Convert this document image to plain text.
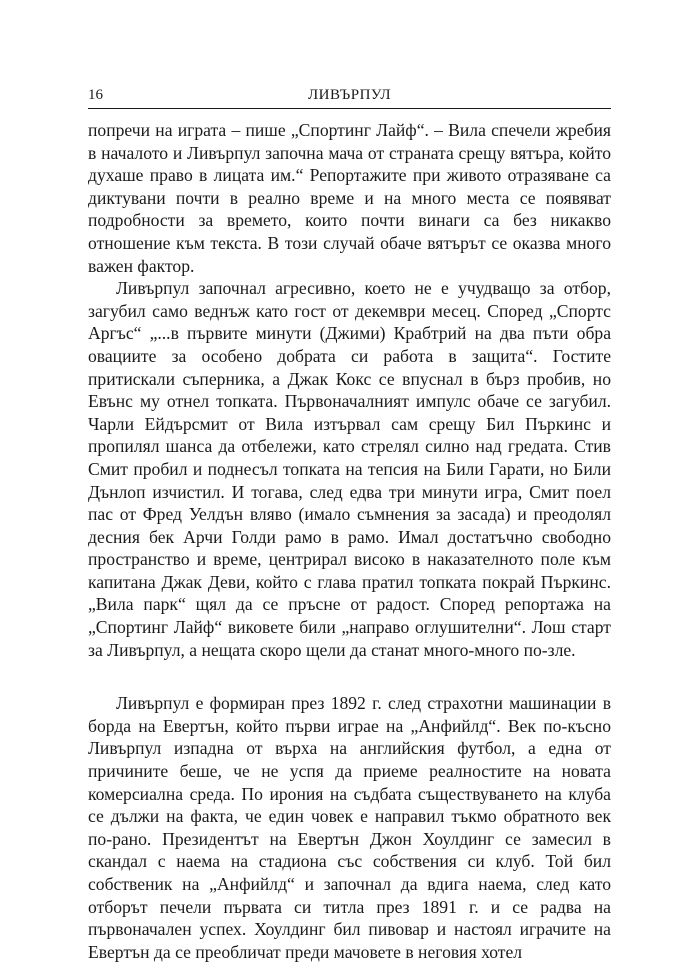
16	ЛИВЪРПУЛ

попречи на играта – пише „Спортинг Лайф“. – Вила спечели жребия в началото и Ливърпул започна мача от страната срещу вятъра, който духаше право в лицата им.“ Репортажите при живото отразяване са диктувани почти в реално време и на много места се появяват подробности за времето, които почти винаги са без никакво отношение към текста. В този случай обаче вятърът се оказва много важен фактор.

Ливърпул започнал агресивно, което не е учудващо за отбор, загубил само веднъж като гост от декември месец. Според „Спортс Аргъс“ „...в първите минути (Джими) Крабтрий на два пъти обра овациите за особено добрата си работа в защита“. Гостите притискали съперника, а Джак Кокс се впуснал в бърз пробив, но Евънс му отнел топката. Първоначалният импулс обаче се загубил. Чарли Ейдърсмит от Вила изтървал сам срещу Бил Пъркинс и пропилял шанса да отбележи, като стрелял силно над гредата. Стив Смит пробил и поднесъл топката на тепсия на Били Гарати, но Били Дънлоп изчистил. И тогава, след едва три минути игра, Смит поел пас от Фред Уелдън вляво (имало съмнения за засада) и преодолял десния бек Арчи Голди рамо в рамо. Имал достатъчно свободно пространство и време, центрирал високо в наказателното поле към капитана Джак Деви, който с глава пратил топката покрай Пъркинс. „Вила парк“ щял да се пръсне от радост. Според репортажа на „Спортинг Лайф“ виковете били „направо оглушителни“. Лош старт за Ливърпул, а нещата скоро щели да станат много-много по-зле.

Ливърпул е формиран през 1892 г. след страхотни машинации в борда на Евертън, който първи играе на „Анфийлд“. Век по-късно Ливърпул изпадна от върха на английския футбол, а една от причините беше, че не успя да приеме реалностите на новата комерсиална среда. По ирония на съдбата съществуването на клуба се дължи на факта, че един човек е направил тъкмо обратното век по-рано. Президентът на Евертън Джон Хоулдинг се замесил в скандал с наема на стадиона със собствения си клуб. Той бил собственик на „Анфийлд“ и започнал да вдига наема, след като отборът печели първата си титла през 1891 г. и се радва на първоначален успех. Хоулдинг бил пивовар и настоял играчите на Евертън да се преобличат преди мачовете в неговия хотел
